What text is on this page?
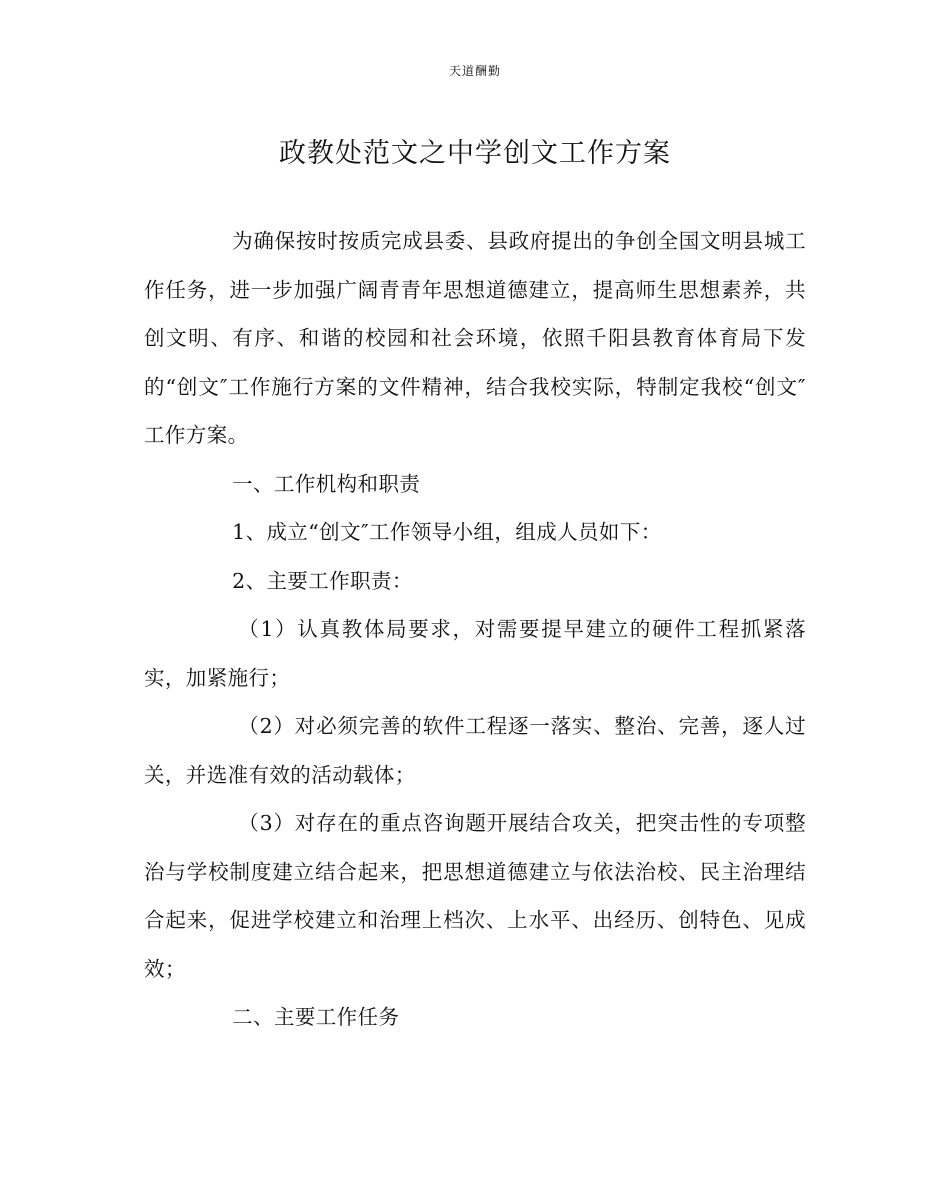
天道酬勤
政教处范文之中学创文工作方案

为确保按时按质完成县委、县政府提出的争创全国文明县城工作任务，进一步加强广阔青青年思想道德建立，提高师生思想素养，共创文明、有序、和谐的校园和社会环境，依照千阳县教育体育局下发的“创文″工作施行方案的文件精神，结合我校实际，特制定我校“创文″工作方案。

一、工作机构和职责

1、成立“创文″工作领导小组，组成人员如下：

2、主要工作职责：

（1）认真教体局要求，对需要提早建立的硬件工程抓紧落实，加紧施行；

（2）对必须完善的软件工程逐一落实、整治、完善，逐人过关，并选准有效的活动载体；

（3）对存在的重点咨询题开展结合攻关，把突击性的专项整治与学校制度建立结合起来，把思想道德建立与依法治校、民主治理结合起来，促进学校建立和治理上档次、上水平、出经历、创特色、见成效；

二、主要工作任务
